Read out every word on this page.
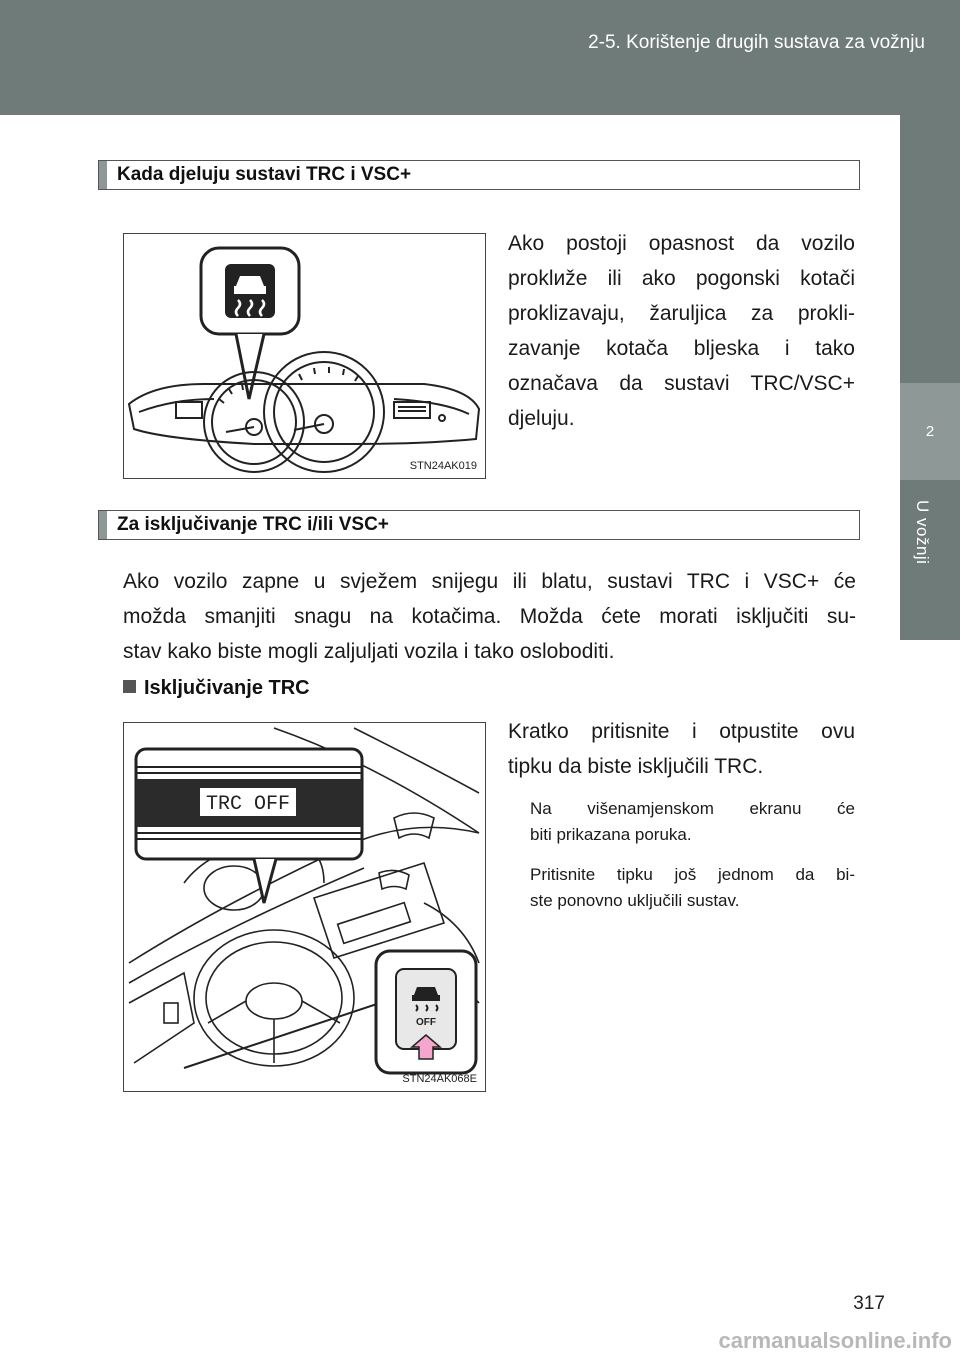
2-5. Korištenje drugih sustava za vožnju
2
U vožnji
Kada djeluju sustavi TRC i VSC+
STN24AK019
Ako postoji opasnost da vozilo
proklиže ili ako pogonski kotači
proklizavaju, žaruljica za prokli-
zavanje kotača bljeska i tako
označava da sustavi TRC/VSC+
djeluju.
Za isključivanje TRC i/ili VSC+
Ako vozilo zapne u svježem snijegu ili blatu, sustavi TRC i VSC+ će
možda smanjiti snagu na kotačima. Možda ćete morati isključiti su-
stav kako biste mogli zaljuljati vozila i tako osloboditi.
Isključivanje TRC
TRC OFF
OFF
STN24AK068E
Kratko pritisnite i otpustite ovu
tipku da biste isključili TRC.
Na višenamjenskom ekranu će
biti prikazana poruka.
Pritisnite tipku još jednom da bi-
ste ponovno uključili sustav.
317
carmanualsonline.info
